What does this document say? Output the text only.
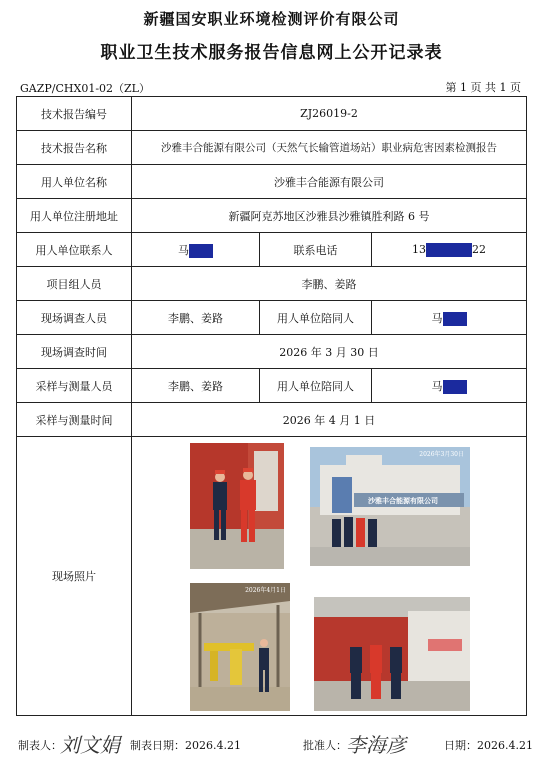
新疆国安职业环境检测评价有限公司
职业卫生技术服务报告信息网上公开记录表
GAZP/CHX01-02（ZL）	第 1 页 共 1 页
技术报告编号	ZJ26019-2		
技术报告名称	沙雅丰合能源有限公司（天然气长输管道场站）职业病危害因素检测报告		
用人单位名称	沙雅丰合能源有限公司		
用人单位注册地址	新疆阿克苏地区沙雅县沙雅镇胜利路 6 号		
用人单位联系人	马	联系电话	13 22
项目组人员	李鹏、姜路		
现场调查人员	李鹏、姜路	用人单位陪同人	马
现场调查时间	2026 年 3 月 30 日		
采样与测量人员	李鹏、姜路	用人单位陪同人	马
采样与测量时间	2026 年 4 月 1 日		
现场照片	2026年3月30日
沙雅丰合能源有限公司
2026年4月1日		
制表人：
刘文娟 制表日期：2026.4.21	批准人： 李海彦	日期：2026.4.21
